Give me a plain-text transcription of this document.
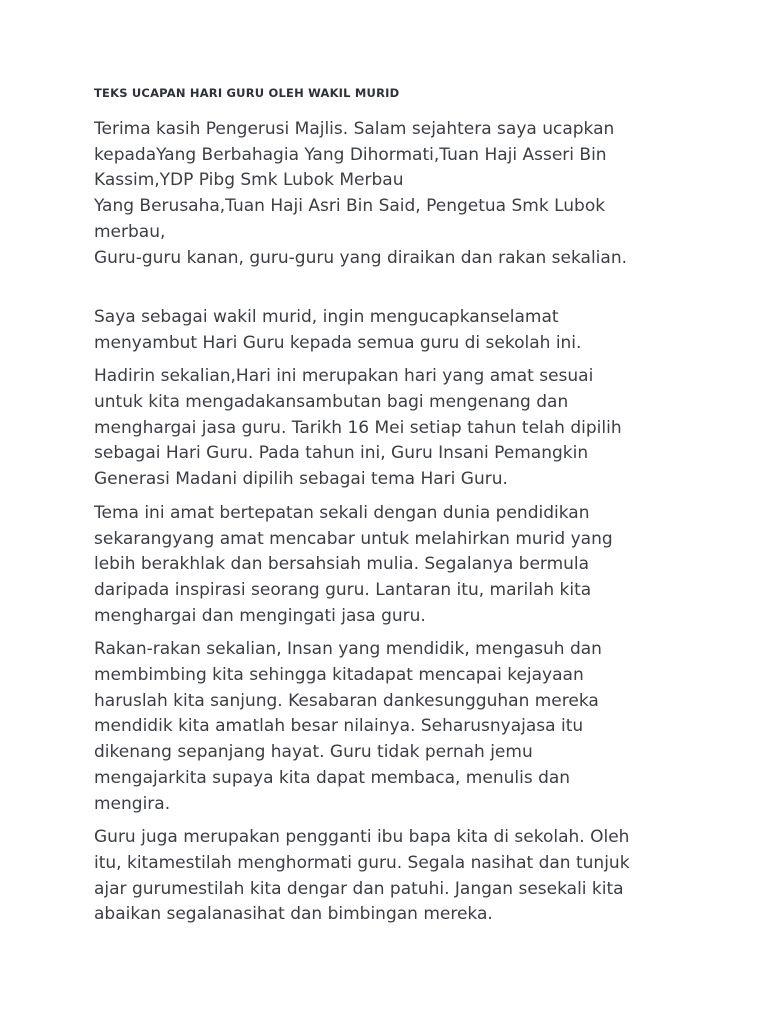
TEKS UCAPAN HARI GURU OLEH WAKIL MURID

Terima kasih Pengerusi Majlis. Salam sejahtera saya ucapkan
kepadaYang Berbahagia Yang Dihormati,Tuan Haji Asseri Bin
Kassim,YDP Pibg Smk Lubok Merbau
Yang Berusaha,Tuan Haji Asri Bin Said, Pengetua Smk Lubok
merbau,
Guru-guru kanan, guru-guru yang diraikan dan rakan sekalian.

Saya sebagai wakil murid, ingin mengucapkanselamat
menyambut Hari Guru kepada semua guru di sekolah ini.

Hadirin sekalian,Hari ini merupakan hari yang amat sesuai
untuk kita mengadakansambutan bagi mengenang dan
menghargai jasa guru. Tarikh 16 Mei setiap tahun telah dipilih
sebagai Hari Guru. Pada tahun ini, Guru Insani Pemangkin
Generasi Madani dipilih sebagai tema Hari Guru.

Tema ini amat bertepatan sekali dengan dunia pendidikan
sekarangyang amat mencabar untuk melahirkan murid yang
lebih berakhlak dan bersahsiah mulia. Segalanya bermula
daripada inspirasi seorang guru. Lantaran itu, marilah kita
menghargai dan mengingati jasa guru.

Rakan-rakan sekalian, Insan yang mendidik, mengasuh dan
membimbing kita sehingga kitadapat mencapai kejayaan
haruslah kita sanjung. Kesabaran dankesungguhan mereka
mendidik kita amatlah besar nilainya. Seharusnyajasa itu
dikenang sepanjang hayat. Guru tidak pernah jemu
mengajarkita supaya kita dapat membaca, menulis dan
mengira.

Guru juga merupakan pengganti ibu bapa kita di sekolah. Oleh
itu, kitamestilah menghormati guru. Segala nasihat dan tunjuk
ajar gurumestilah kita dengar dan patuhi. Jangan sesekali kita
abaikan segalanasihat dan bimbingan mereka.
